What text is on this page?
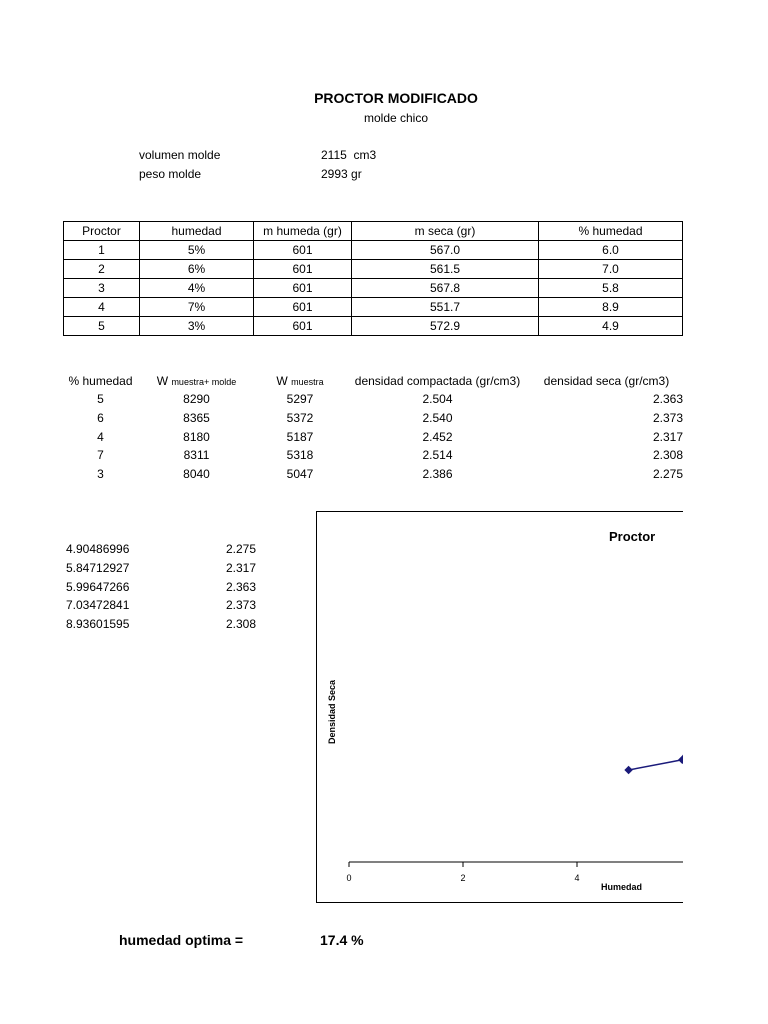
PROCTOR MODIFICADO
molde chico
volumen molde	2115 cm3
peso molde	2993 gr
Proctor	humedad	m humeda (gr)	m seca (gr)	% humedad
1	5%	601	567.0	6.0
2	6%	601	561.5	7.0
3	4%	601	567.8	5.8
4	7%	601	551.7	8.9
5	3%	601	572.9	4.9
% humedad	W muestra+ molde	W muestra	densidad compactada (gr/cm3)	densidad seca (gr/cm3)
5	8290	5297	2.504	2.363
6	8365	5372	2.540	2.373
4	8180	5187	2.452	2.317
7	8311	5318	2.514	2.308
3	8040	5047	2.386	2.275
4.90486996	2.275
5.84712927	2.317
5.99647266	2.363
7.03472841	2.373
8.93601595	2.308
Proctor
Densidad Seca
Humedad
0	2	4
humedad optima =	17.4 %
